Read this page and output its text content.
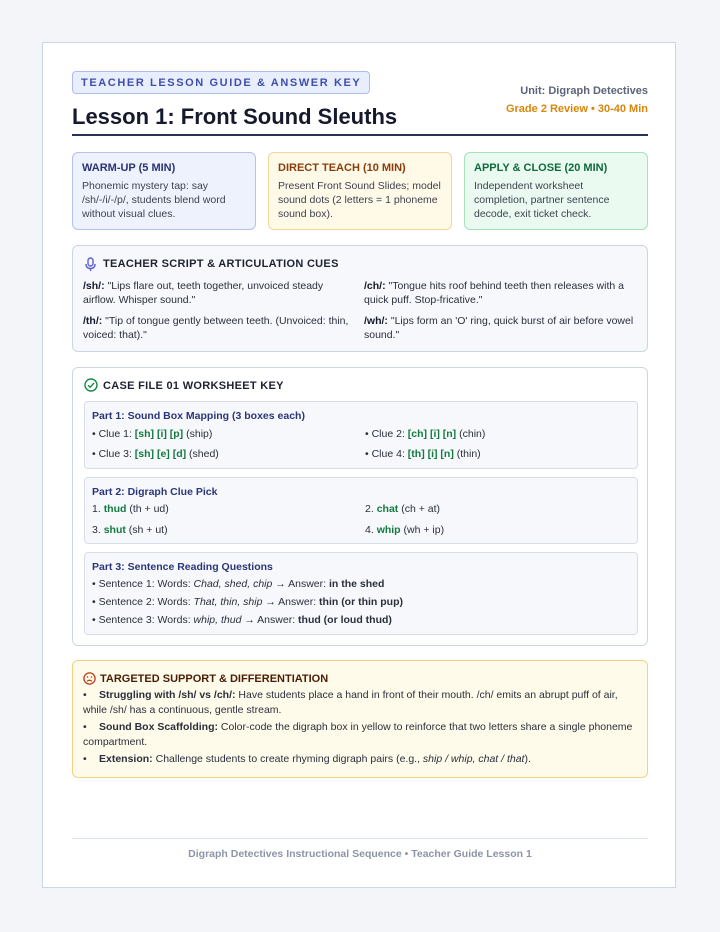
TEACHER LESSON GUIDE & ANSWER KEY
Lesson 1: Front Sound Sleuths
Unit: Digraph Detectives
Grade 2 Review • 30-40 Min
WARM-UP (5 MIN)
Phonemic mystery tap: say /sh/-/i/-/p/, students blend word without visual clues.
DIRECT TEACH (10 MIN)
Present Front Sound Slides; model sound dots (2 letters = 1 phoneme sound box).
APPLY & CLOSE (20 MIN)
Independent worksheet completion, partner sentence decode, exit ticket check.
TEACHER SCRIPT & ARTICULATION CUES
/sh/: "Lips flare out, teeth together, unvoiced steady airflow. Whisper sound."
/ch/: "Tongue hits roof behind teeth then releases with a quick puff. Stop-fricative."
/th/: "Tip of tongue gently between teeth. (Unvoiced: thin, voiced: that)."
/wh/: "Lips form an 'O' ring, quick burst of air before vowel sound."
CASE FILE 01 WORKSHEET KEY
Part 1: Sound Box Mapping (3 boxes each)
• Clue 1: [sh] [i] [p] (ship)	• Clue 2: [ch] [i] [n] (chin)
• Clue 3: [sh] [e] [d] (shed)	• Clue 4: [th] [i] [n] (thin)
Part 2: Digraph Clue Pick
1. thud (th + ud)	2. chat (ch + at)
3. shut (sh + ut)	4. whip (wh + ip)
Part 3: Sentence Reading Questions
• Sentence 1: Words: Chad, shed, chip → Answer: in the shed
• Sentence 2: Words: That, thin, ship → Answer: thin (or thin pup)
• Sentence 3: Words: whip, thud → Answer: thud (or loud thud)
TARGETED SUPPORT & DIFFERENTIATION
• Struggling with /sh/ vs /ch/: Have students place a hand in front of their mouth. /ch/ emits an abrupt puff of air, while /sh/ has a continuous, gentle stream.
• Sound Box Scaffolding: Color-code the digraph box in yellow to reinforce that two letters share a single phoneme compartment.
• Extension: Challenge students to create rhyming digraph pairs (e.g., ship / whip, chat / that).
Digraph Detectives Instructional Sequence • Teacher Guide Lesson 1
